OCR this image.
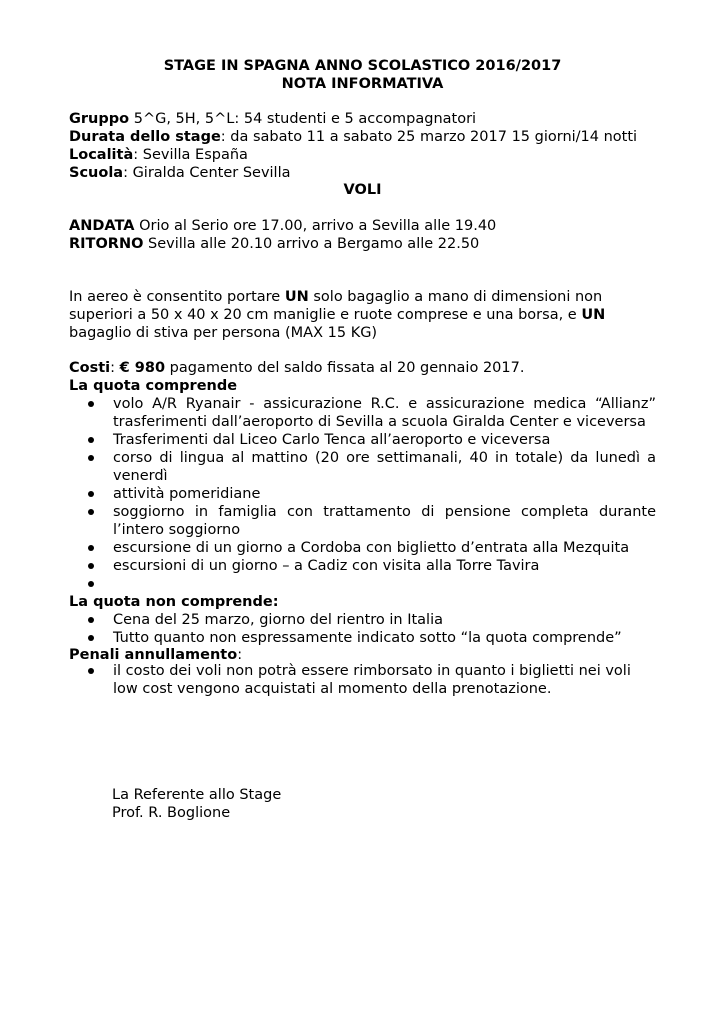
STAGE IN SPAGNA ANNO SCOLASTICO 2016/2017
NOTA INFORMATIVA
Gruppo 5^G, 5H, 5^L: 54 studenti e 5 accompagnatori
Durata dello stage: da sabato 11 a sabato 25 marzo 2017 15 giorni/14 notti
Località: Sevilla España
Scuola: Giralda Center Sevilla
VOLI
ANDATA Orio al Serio ore 17.00, arrivo a Sevilla alle 19.40
RITORNO Sevilla alle 20.10 arrivo a Bergamo alle 22.50
In aereo è consentito portare UN solo bagaglio a mano di dimensioni non
superiori a 50 x 40 x 20 cm maniglie e ruote comprese e una borsa, e UN
bagaglio di stiva per persona (MAX 15 KG)
Costi: € 980 pagamento del saldo fissata al 20 gennaio 2017.
La quota comprende
volo A/R Ryanair - assicurazione R.C. e assicurazione medica “Allianz”
trasferimenti dall’aeroporto di Sevilla a scuola Giralda Center e viceversa
Trasferimenti dal Liceo Carlo Tenca all’aeroporto e viceversa
corso di lingua al mattino (20 ore settimanali, 40 in totale) da lunedì a
venerdì
attività pomeridiane
soggiorno in famiglia con trattamento di pensione completa durante
l’intero soggiorno
escursione di un giorno a Cordoba con biglietto d’entrata alla Mezquita
escursioni di un giorno – a Cadiz con visita alla Torre Tavira
La quota non comprende:
Cena del 25 marzo, giorno del rientro in Italia
Tutto quanto non espressamente indicato sotto “la quota comprende”
Penali annullamento:
il costo dei voli non potrà essere rimborsato in quanto i biglietti nei voli
low cost vengono acquistati al momento della prenotazione.
La Referente allo Stage
Prof. R. Boglione
